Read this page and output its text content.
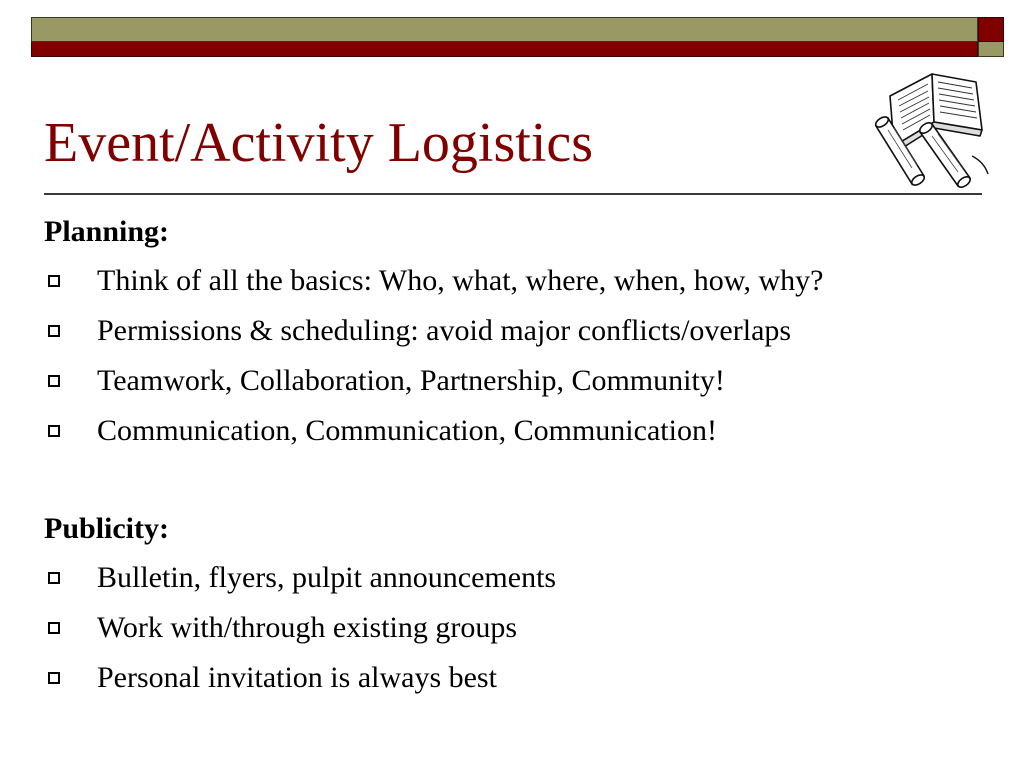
Event/Activity Logistics

Planning:

Think of all the basics: Who, what, where, when, how, why?
Permissions & scheduling: avoid major conflicts/overlaps
Teamwork, Collaboration, Partnership, Community!
Communication, Communication, Communication!

Publicity:

Bulletin, flyers, pulpit announcements
Work with/through existing groups
Personal invitation is always best
